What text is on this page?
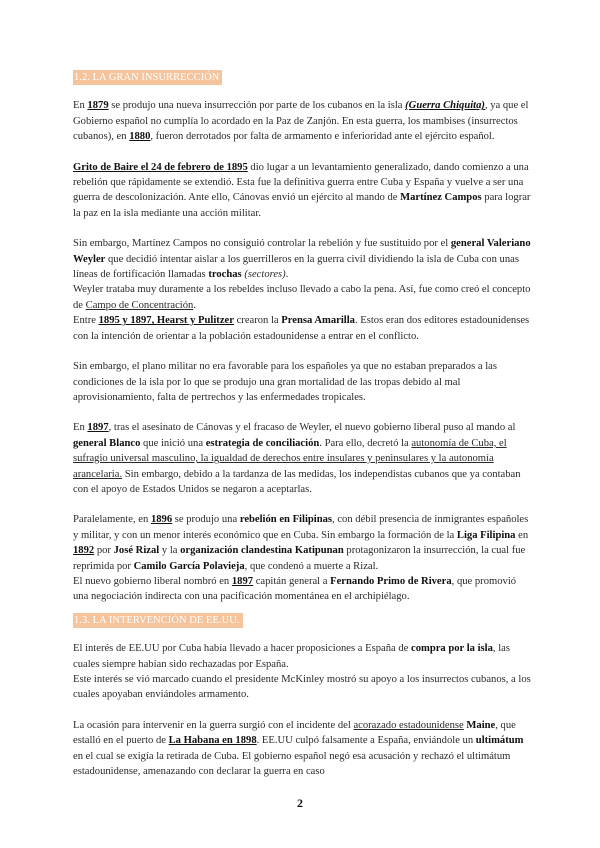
1.2. LA GRAN INSURRECCIÓN

En 1879 se produjo una nueva insurrección por parte de los cubanos en la isla (Guerra Chiquita), ya que el Gobierno español no cumplía lo acordado en la Paz de Zanjón. En esta guerra, los mambises (insurrectos cubanos), en 1880, fueron derrotados por falta de armamento e inferioridad ante el ejército español.

Grito de Baire el 24 de febrero de 1895 dio lugar a un levantamiento generalizado, dando comienzo a una rebelión que rápidamente se extendió. Esta fue la definitiva guerra entre Cuba y España y vuelve a ser una guerra de descolonización. Ante ello, Cánovas envió un ejército al mando de Martínez Campos para lograr la paz en la isla mediante una acción militar.

Sin embargo, Martínez Campos no consiguió controlar la rebelión y fue sustituido por el general Valeriano Weyler que decidió intentar aislar a los guerrilleros en la guerra civil dividiendo la isla de Cuba con unas líneas de fortificación llamadas trochas (sectores).
Weyler trataba muy duramente a los rebeldes incluso llevado a cabo la pena. Así, fue como creó el concepto de Campo de Concentración.
Entre 1895 y 1897, Hearst y Pulitzer crearon la Prensa Amarilla. Estos eran dos editores estadounidenses con la intención de orientar a la población estadounidense a entrar en el conflicto.

Sin embargo, el plano militar no era favorable para los españoles ya que no estaban preparados a las condiciones de la isla por lo que se produjo una gran mortalidad de las tropas debido al mal aprovisionamiento, falta de pertrechos y las enfermedades tropicales.

En 1897, tras el asesinato de Cánovas y el fracaso de Weyler, el nuevo gobierno liberal puso al mando al general Blanco que inició una estrategia de conciliación. Para ello, decretó la autonomía de Cuba, el sufragio universal masculino, la igualdad de derechos entre insulares y peninsulares y la autonomía arancelaria. Sin embargo, debido a la tardanza de las medidas, los independistas cubanos que ya contaban con el apoyo de Estados Unidos se negaron a aceptarlas.

Paralelamente, en 1896 se produjo una rebelión en Filipinas, con débil presencia de inmigrantes españoles y militar, y con un menor interés económico que en Cuba. Sin embargo la formación de la Liga Filipina en 1892 por José Rizal y la organización clandestina Katipunan protagonizaron la insurrección, la cual fue reprimida por Camilo García Polavieja, que condenó a muerte a Rizal.
El nuevo gobierno liberal nombró en 1897 capitán general a Fernando Primo de Rivera, que promovió una negociación indirecta con una pacificación momentánea en el archipiélago.

1.3. LA INTERVENCIÓN DE EE.UU.

El interés de EE.UU por Cuba había llevado a hacer proposiciones a España de compra por la isla, las cuales siempre habían sido rechazadas por España.
Este interés se vió marcado cuando el presidente McKinley mostró su apoyo a los insurrectos cubanos, a los cuales apoyaban enviándoles armamento.

La ocasión para intervenir en la guerra surgió con el incidente del acorazado estadounidense Maine, que estalló en el puerto de La Habana en 1898. EE.UU culpó falsamente a España, enviándole un ultimátum en el cual se exigía la retirada de Cuba. El gobierno español negó esa acusación y rechazó el ultimátum estadounidense, amenazando con declarar la guerra en caso

2
